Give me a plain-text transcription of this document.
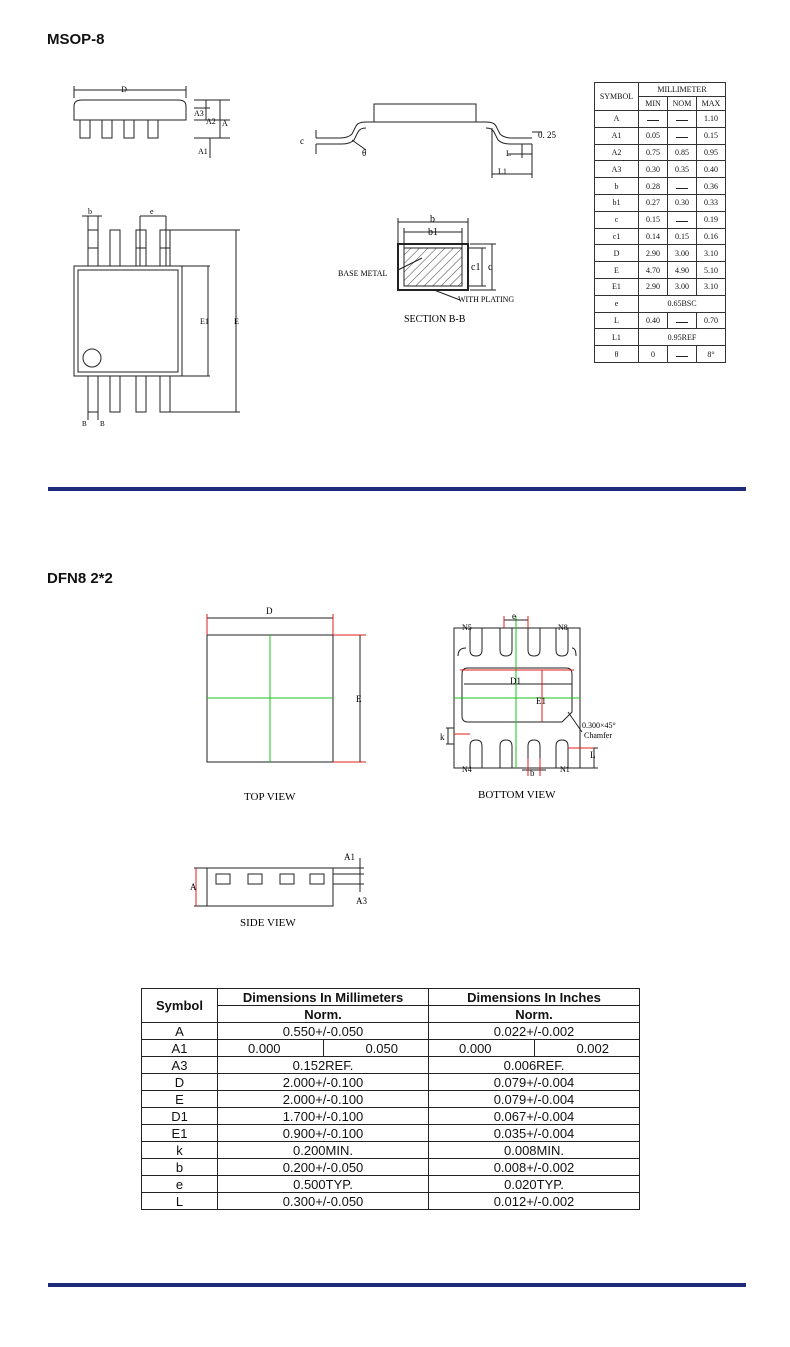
MSOP-8
D
A3
A2 A
A1
c
θ
0. 25
L
L1
b	e
E1	E
B B
b
b1
c1 c
BASE METAL
WITH PLATING
SECTION B-B
SYMBOL	MILLIMETER		
	MIN	NOM	MAX
A			1.10
A1	0.05		0.15
A2	0.75	0.85	0.95
A3	0.30	0.35	0.40
b	0.28		0.36
b1	0.27	0.30	0.33
c	0.15		0.19
c1	0.14	0.15	0.16
D	2.90	3.00	3.10
E	4.70	4.90	5.10
E1	2.90	3.00	3.10
e	0.65BSC		
L	0.40		0.70
L1	0.95REF		
θ	0		8°
DFN8 2*2
D
E
TOP VIEW
N5	N8
N4	N1
e
D1
E1
k
b
L
0.300×45°
Chamfer
BOTTOM VIEW
A
A1
A3
SIDE VIEW
Symbol	Dimensions In Millimeters		Dimensions In Inches	
	Norm.		Norm.	
A	0.550+/-0.050		0.022+/-0.002	
A1	0.000	0.050	0.000	0.002
A3	0.152REF.		0.006REF.	
D	2.000+/-0.100		0.079+/-0.004	
E	2.000+/-0.100		0.079+/-0.004	
D1	1.700+/-0.100		0.067+/-0.004	
E1	0.900+/-0.100		0.035+/-0.004	
k	0.200MIN.		0.008MIN.	
b	0.200+/-0.050		0.008+/-0.002	
e	0.500TYP.		0.020TYP.	
L	0.300+/-0.050		0.012+/-0.002	
